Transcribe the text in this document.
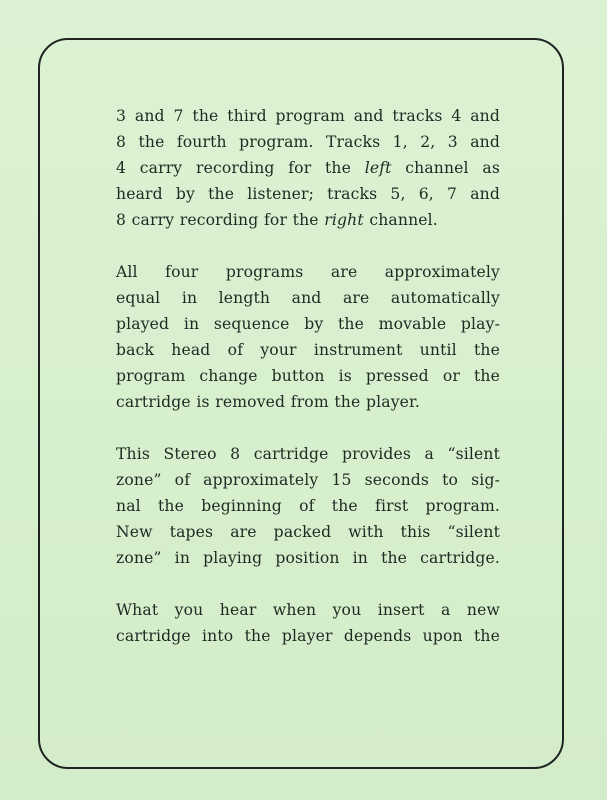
3 and 7 the third program and tracks 4 and
8 the fourth program. Tracks 1, 2, 3 and
4 carry recording for the left channel as
heard by the listener; tracks 5, 6, 7 and
8 carry recording for the right channel.

All four programs are approximately
equal in length and are automatically
played in sequence by the movable play-
back head of your instrument until the
program change button is pressed or the
cartridge is removed from the player.

This Stereo 8 cartridge provides a “silent
zone” of approximately 15 seconds to sig-
nal the beginning of the first program.
New tapes are packed with this “silent
zone” in playing position in the cartridge.

What you hear when you insert a new
cartridge into the player depends upon the
